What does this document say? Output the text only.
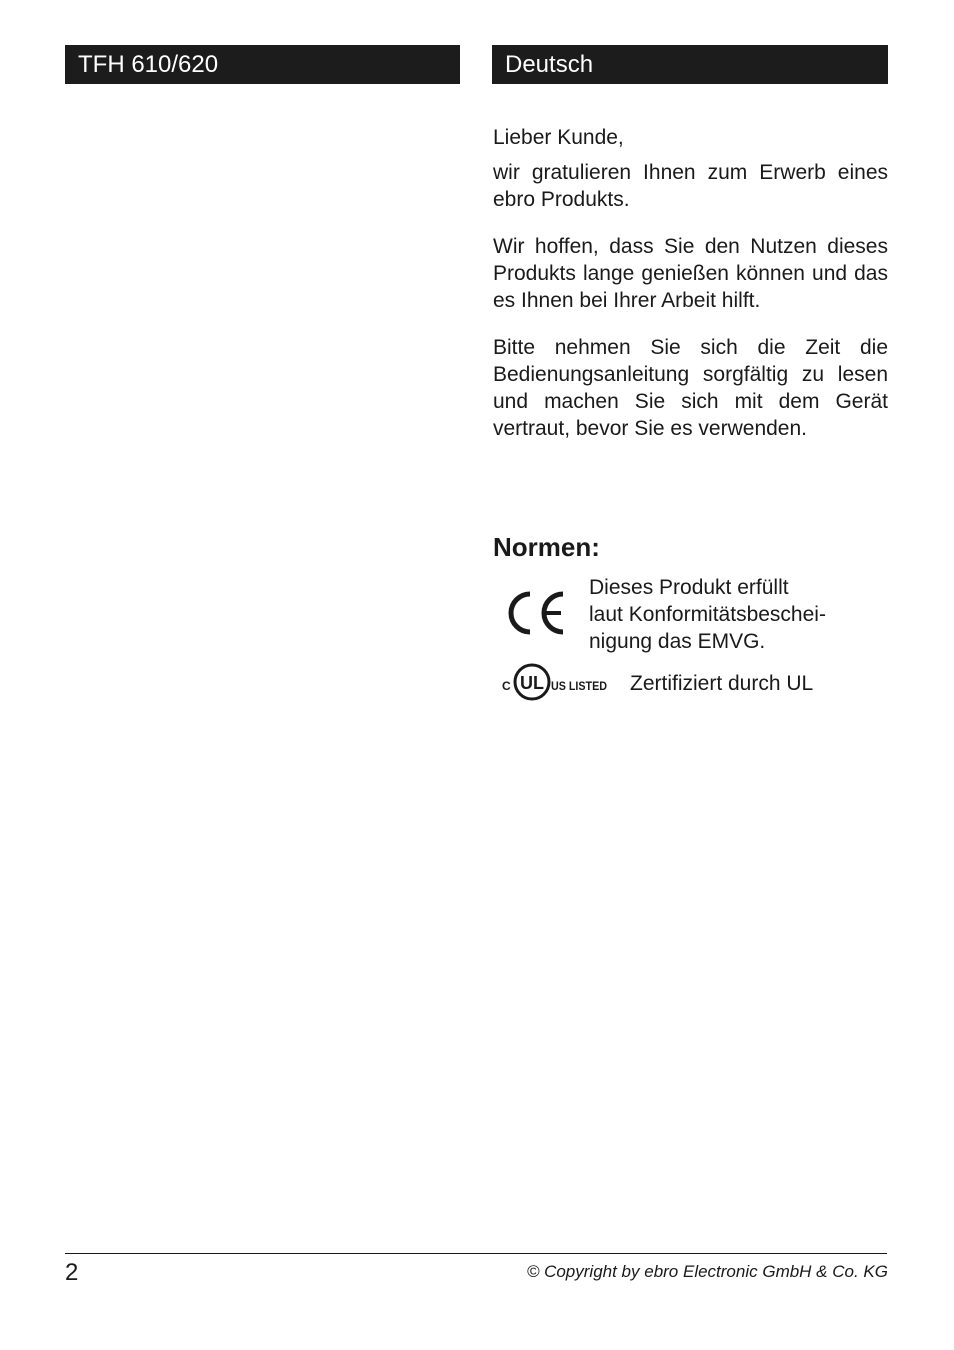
TFH 610/620	Deutsch

Lieber Kunde,

wir gratulieren Ihnen zum Erwerb eines ebro Produkts.

Wir hoffen, dass Sie den Nutzen dieses Produkts lange genießen können und das es Ihnen bei Ihrer Arbeit hilft.

Bitte nehmen Sie sich die Zeit die Bedienungsanleitung sorgfältig zu lesen und machen Sie sich mit dem Gerät vertraut, bevor Sie es verwenden.

Normen:
Dieses Produkt erfüllt
laut Konformitätsbeschei-
nigung das EMVG.
C UL US LISTED Zertifiziert durch UL
2	© Copyright by ebro Electronic GmbH & Co. KG
